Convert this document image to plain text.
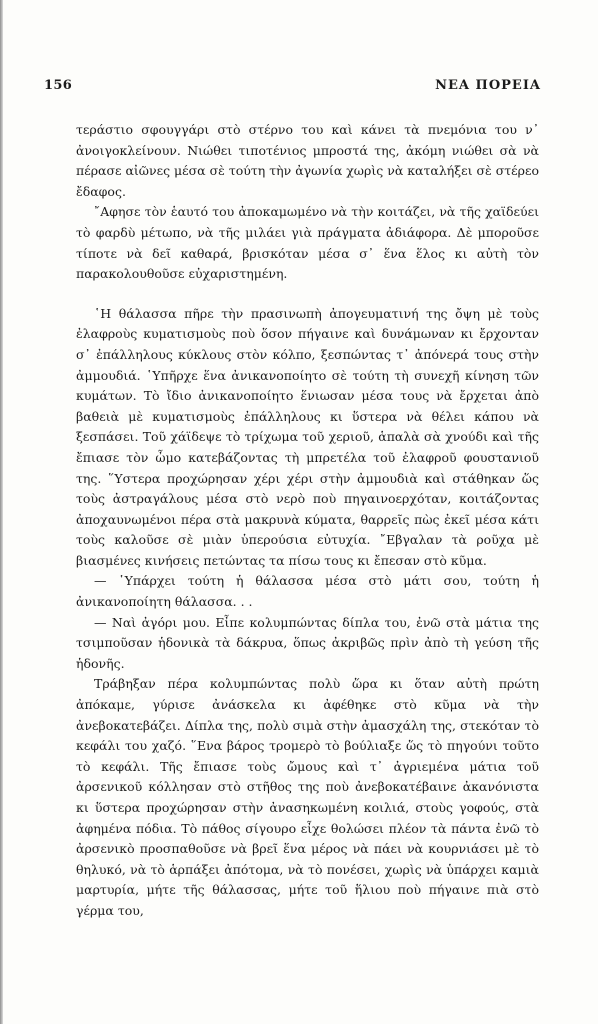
156	ΝΕΑ ΠΟΡΕΙΑ

τεράστιο σφουγγάρι στὸ στέρνο του καὶ κάνει τὰ πνεμόνια του ν᾿ ἀνοιγοκλείνουν. Νιώθει τιποτένιος μπροστά της, ἀκόμη νιώθει σὰ νὰ πέρασε αἰῶνες μέσα σὲ τούτη τὴν ἀγωνία χωρὶς νὰ καταλήξει σὲ στέρεο ἔδαφος.

῎Αφησε τὸν ἑαυτό του ἀποκαμωμένο νὰ τὴν κοιτάζει, νὰ τῆς χαϊδεύει τὸ φαρδὺ μέτωπο, νὰ τῆς μιλάει γιὰ πράγματα ἀδιάφορα. Δὲ μποροῦσε τίποτε νὰ δεῖ καθαρά, βρισκόταν μέσα σ᾿ ἕνα ἕλος κι αὐτὴ τὸν παρακολουθοῦσε εὐχαριστημένη.

῾Η θάλασσα πῆρε τὴν πρασινωπὴ ἀπογευματινή της ὄψη μὲ τοὺς ἐλαφροὺς κυματισμοὺς ποὺ ὅσον πήγαινε καὶ δυνάμωναν κι ἔρχονταν σ᾿ ἐπάλληλους κύκλους στὸν κόλπο, ξεσπώντας τ᾿ ἀπόνερά τους στὴν ἀμμουδιά. ῾Υπῆρχε ἕνα ἀνικανοποίητο σὲ τούτη τὴ συνεχῆ κίνηση τῶν κυμάτων. Τὸ ἴδιο ἀνικανοποίητο ἕνιωσαν μέσα τους νὰ ἔρχεται ἀπὸ βαθειὰ μὲ κυματισμοὺς ἐπάλληλους κι ὕστερα νὰ θέλει κάπου νὰ ξεσπάσει. Τοῦ χάϊδεψε τὸ τρίχωμα τοῦ χεριοῦ, ἁπαλὰ σὰ χνούδι καὶ τῆς ἔπιασε τὸν ὦμο κατεβάζοντας τὴ μπρετέλα τοῦ ἐλαφροῦ φουστανιοῦ της. ῞Υστερα προχώρησαν χέρι χέρι στὴν ἀμμουδιὰ καὶ στάθηκαν ὥς τοὺς ἀστραγάλους μέσα στὸ νερὸ ποὺ πηγαινοερχόταν, κοιτάζοντας ἀποχαυνωμένοι πέρα στὰ μακρυνὰ κύματα, θαρρεῖς πὼς ἐκεῖ μέσα κάτι τοὺς καλοῦσε σὲ μιὰν ὑπερούσια εὐτυχία. ῎Εβγαλαν τὰ ροῦχα μὲ βιασμένες κινήσεις πετώντας τα πίσω τους κι ἔπεσαν στὸ κῦμα.

— ῾Υπάρχει τούτη ἡ θάλασσα μέσα στὸ μάτι σου, τούτη ἡ ἀνικανοποίητη θάλασσα. . .

— Ναὶ ἀγόρι μου. Εἶπε κολυμπώντας δίπλα του, ἐνῶ στὰ μάτια της τσιμποῦσαν ἡδονικὰ τὰ δάκρυα, ὅπως ἀκριβῶς πρὶν ἀπὸ τὴ γεύση τῆς ἡδονῆς.

Τράβηξαν πέρα κολυμπώντας πολὺ ὥρα κι ὅταν αὐτὴ πρώτη ἀπόκαμε, γύρισε ἀνάσκελα κι ἀφέθηκε στὸ κῦμα νὰ τὴν ἀνεβοκατεβάζει. Δίπλα της, πολὺ σιμὰ στὴν ἀμασχάλη της, στεκόταν τὸ κεφάλι του χαζό. ῞Ενα βάρος τρομερὸ τὸ βούλιαξε ὥς τὸ πηγούνι τοῦτο τὸ κεφάλι. Τῆς ἔπιασε τοὺς ὤμους καὶ τ᾿ ἀγριεμένα μάτια τοῦ ἀρσενικοῦ κόλλησαν στὸ στῆθος της ποὺ ἀνεβοκατέβαινε ἀκανόνιστα κι ὕστερα προχώρησαν στὴν ἀνασηκωμένη κοιλιά, στοὺς γοφούς, στὰ ἀφημένα πόδια. Τὸ πάθος σίγουρο εἶχε θολώσει πλέον τὰ πάντα ἐνῶ τὸ ἀρσενικὸ προσπαθοῦσε νὰ βρεῖ ἕνα μέρος νὰ πάει νὰ κουρνιάσει μὲ τὸ θηλυκό, νὰ τὸ ἁρπάξει ἀπότομα, νὰ τὸ πονέσει, χωρὶς νὰ ὑπάρχει καμιὰ μαρτυρία, μήτε τῆς θάλασσας, μήτε τοῦ ἥλιου ποὺ πήγαινε πιὰ στὸ γέρμα του,
